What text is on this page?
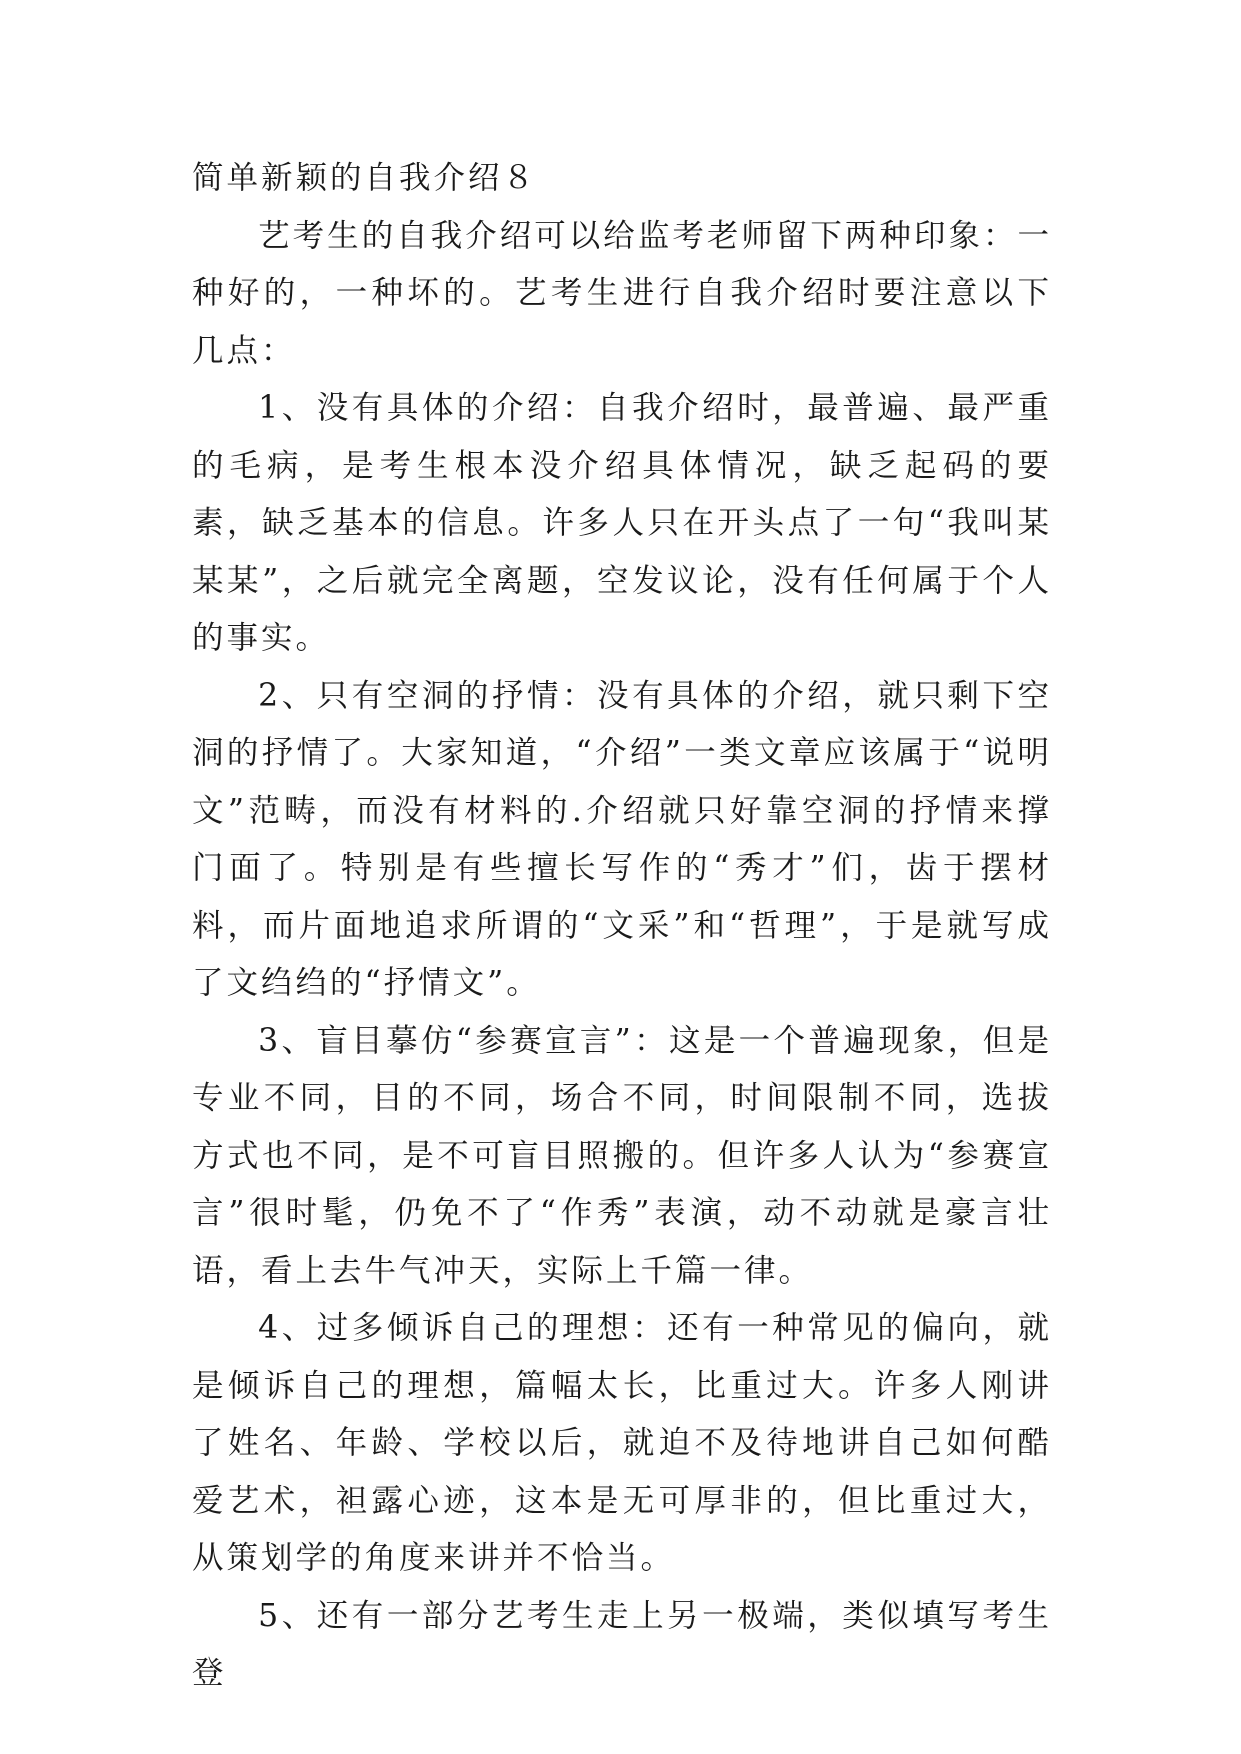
简单新颖的自我介绍８

艺考生的自我介绍可以给监考老师留下两种印象：一种好的，一种坏的。艺考生进行自我介绍时要注意以下几点：

1、没有具体的介绍：自我介绍时，最普遍、最严重的毛病，是考生根本没介绍具体情况，缺乏起码的要素，缺乏基本的信息。许多人只在开头点了一句“我叫某某某”，之后就完全离题，空发议论，没有任何属于个人的事实。

2、只有空洞的抒情：没有具体的介绍，就只剩下空洞的抒情了。大家知道，“介绍”一类文章应该属于“说明文”范畴，而没有材料的.介绍就只好靠空洞的抒情来撑门面了。特别是有些擅长写作的“秀才”们，齿于摆材料，而片面地追求所谓的“文采”和“哲理”，于是就写成了文绉绉的“抒情文”。

3、盲目摹仿“参赛宣言”：这是一个普遍现象，但是专业不同，目的不同，场合不同，时间限制不同，选拔方式也不同，是不可盲目照搬的。但许多人认为“参赛宣言”很时髦，仍免不了“作秀”表演，动不动就是豪言壮语，看上去牛气冲天，实际上千篇一律。

4、过多倾诉自己的理想：还有一种常见的偏向，就是倾诉自己的理想，篇幅太长，比重过大。许多人刚讲了姓名、年龄、学校以后，就迫不及待地讲自己如何酷爱艺术，袒露心迹，这本是无可厚非的，但比重过大，从策划学的角度来讲并不恰当。

5、还有一部分艺考生走上另一极端，类似填写考生登
